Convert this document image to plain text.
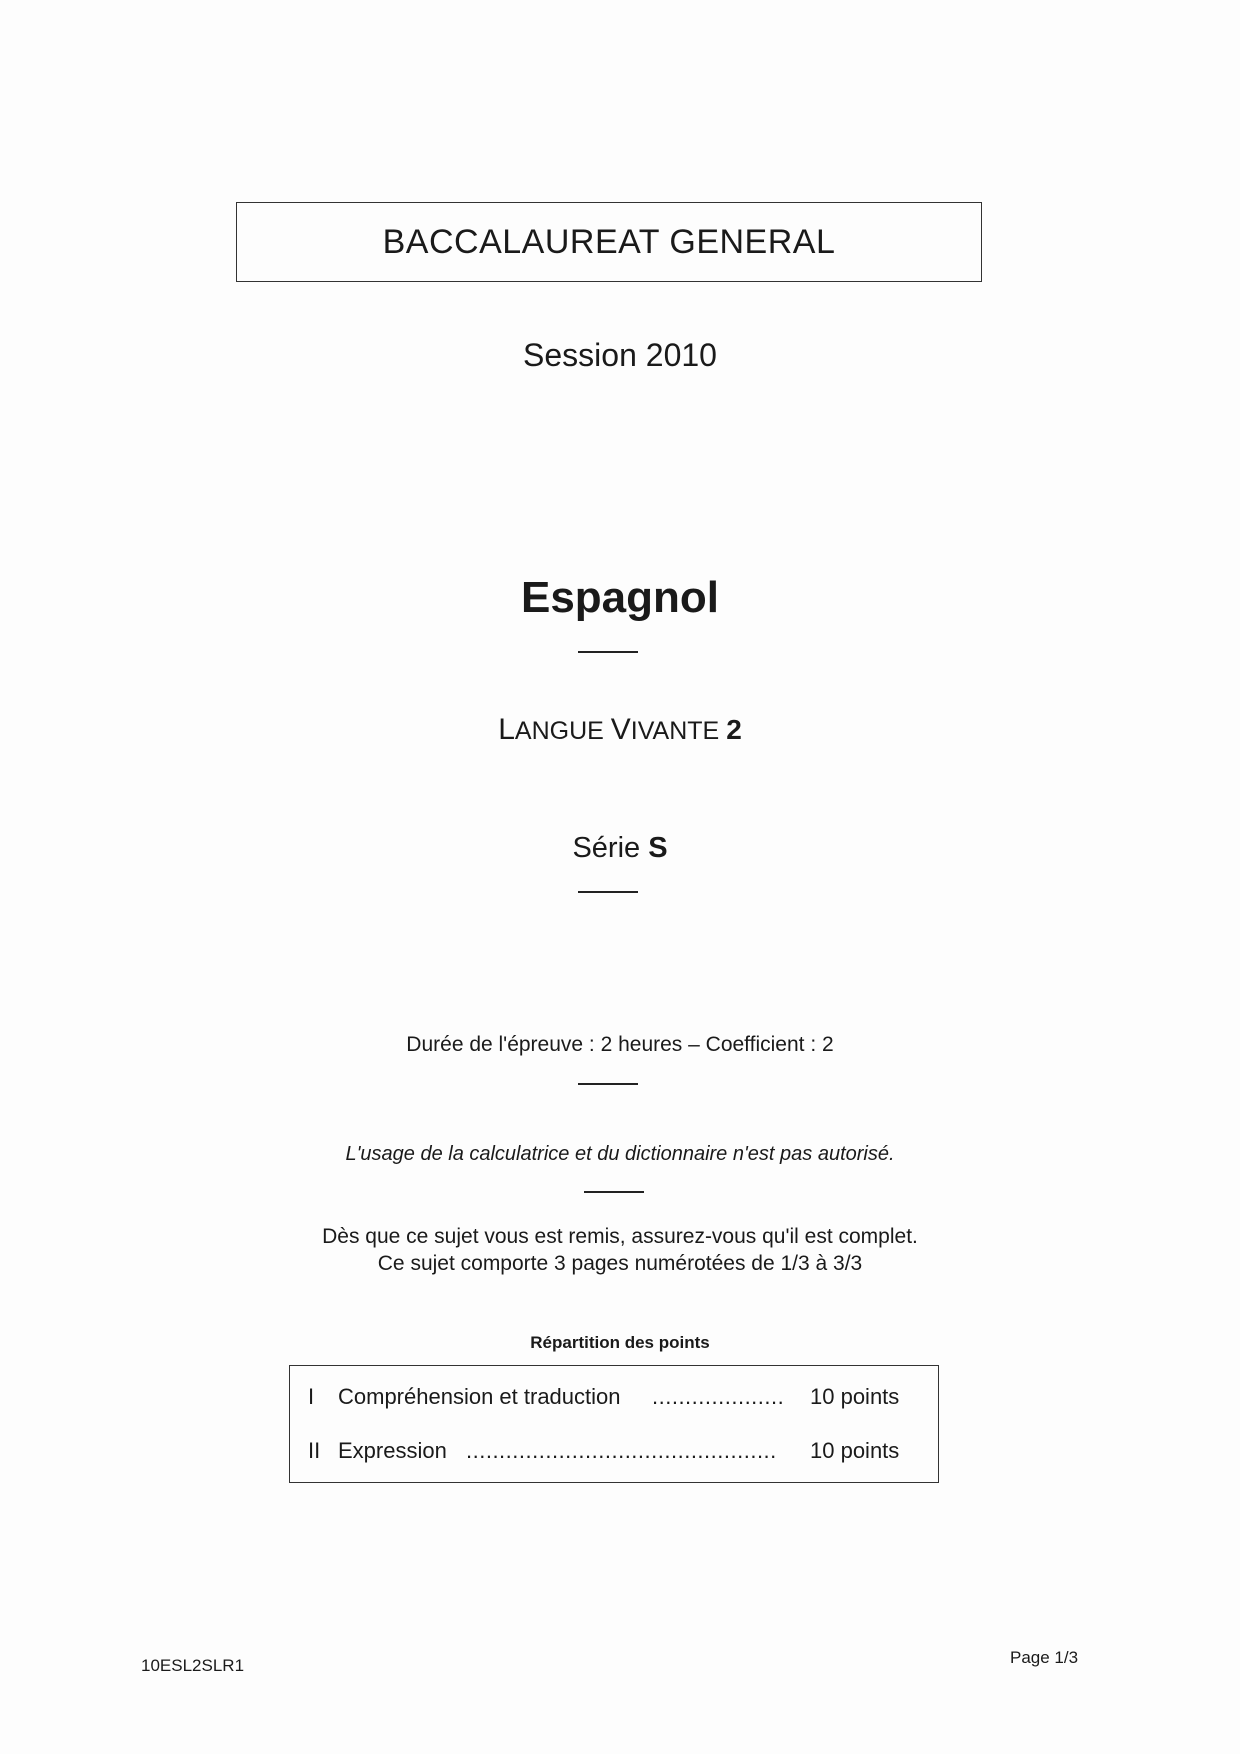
BACCALAUREAT GENERAL
Session 2010
Espagnol
LANGUE VIVANTE 2
Série S
Durée de l'épreuve : 2 heures – Coefficient : 2
L'usage de la calculatrice et du dictionnaire n'est pas autorisé.
Dès que ce sujet vous est remis, assurez-vous qu'il est complet.
Ce sujet comporte 3 pages numérotées de 1/3 à 3/3
Répartition des points
I Compréhension et traduction .................... 10 points
II Expression ...............................................	10 points
10ESL2SLR1	Page 1/3
